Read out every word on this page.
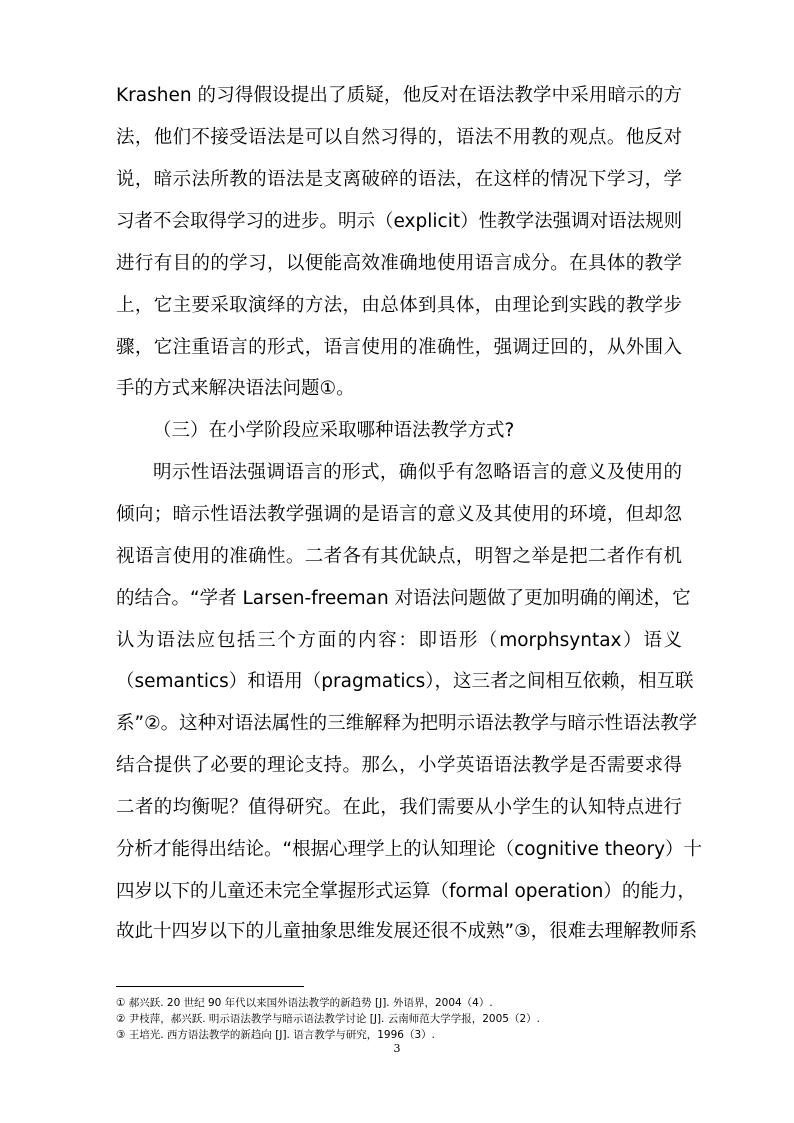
Krashen 的习得假设提出了质疑，他反对在语法教学中采用暗示的方
法，他们不接受语法是可以自然习得的，语法不用教的观点。他反对
说，暗示法所教的语法是支离破碎的语法，在这样的情况下学习，学
习者不会取得学习的进步。明示（explicit）性教学法强调对语法规则
进行有目的的学习，以便能高效准确地使用语言成分。在具体的教学
上，它主要采取演绎的方法，由总体到具体，由理论到实践的教学步
骤，它注重语言的形式，语言使用的准确性，强调迂回的，从外围入
手的方式来解决语法问题①。
（三）在小学阶段应采取哪种语法教学方式?
明示性语法强调语言的形式，确似乎有忽略语言的意义及使用的
倾向；暗示性语法教学强调的是语言的意义及其使用的环境，但却忽
视语言使用的准确性。二者各有其优缺点，明智之举是把二者作有机
的结合。“学者 Larsen-freeman 对语法问题做了更加明确的阐述，它
认为语法应包括三个方面的内容：即语形（morphsyntax）语义
（semantics）和语用（pragmatics），这三者之间相互依赖，相互联
系”②。这种对语法属性的三维解释为把明示语法教学与暗示性语法教学
结合提供了必要的理论支持。那么，小学英语语法教学是否需要求得
二者的均衡呢？值得研究。在此，我们需要从小学生的认知特点进行
分析才能得出结论。“根据心理学上的认知理论（cognitive theory）十
四岁以下的儿童还未完全掌握形式运算（formal operation）的能力，
故此十四岁以下的儿童抽象思维发展还很不成熟”③，很难去理解教师系
① 郝兴跃. 20 世纪 90 年代以来国外语法教学的新趋势 [J]. 外语界，2004（4）.
② 尹枝萍，郝兴跃. 明示语法教学与暗示语法教学讨论 [J]. 云南师范大学学报，2005（2）.
③ 王培光. 西方语法教学的新趋向 [J]. 语言教学与研究，1996（3）.
3
